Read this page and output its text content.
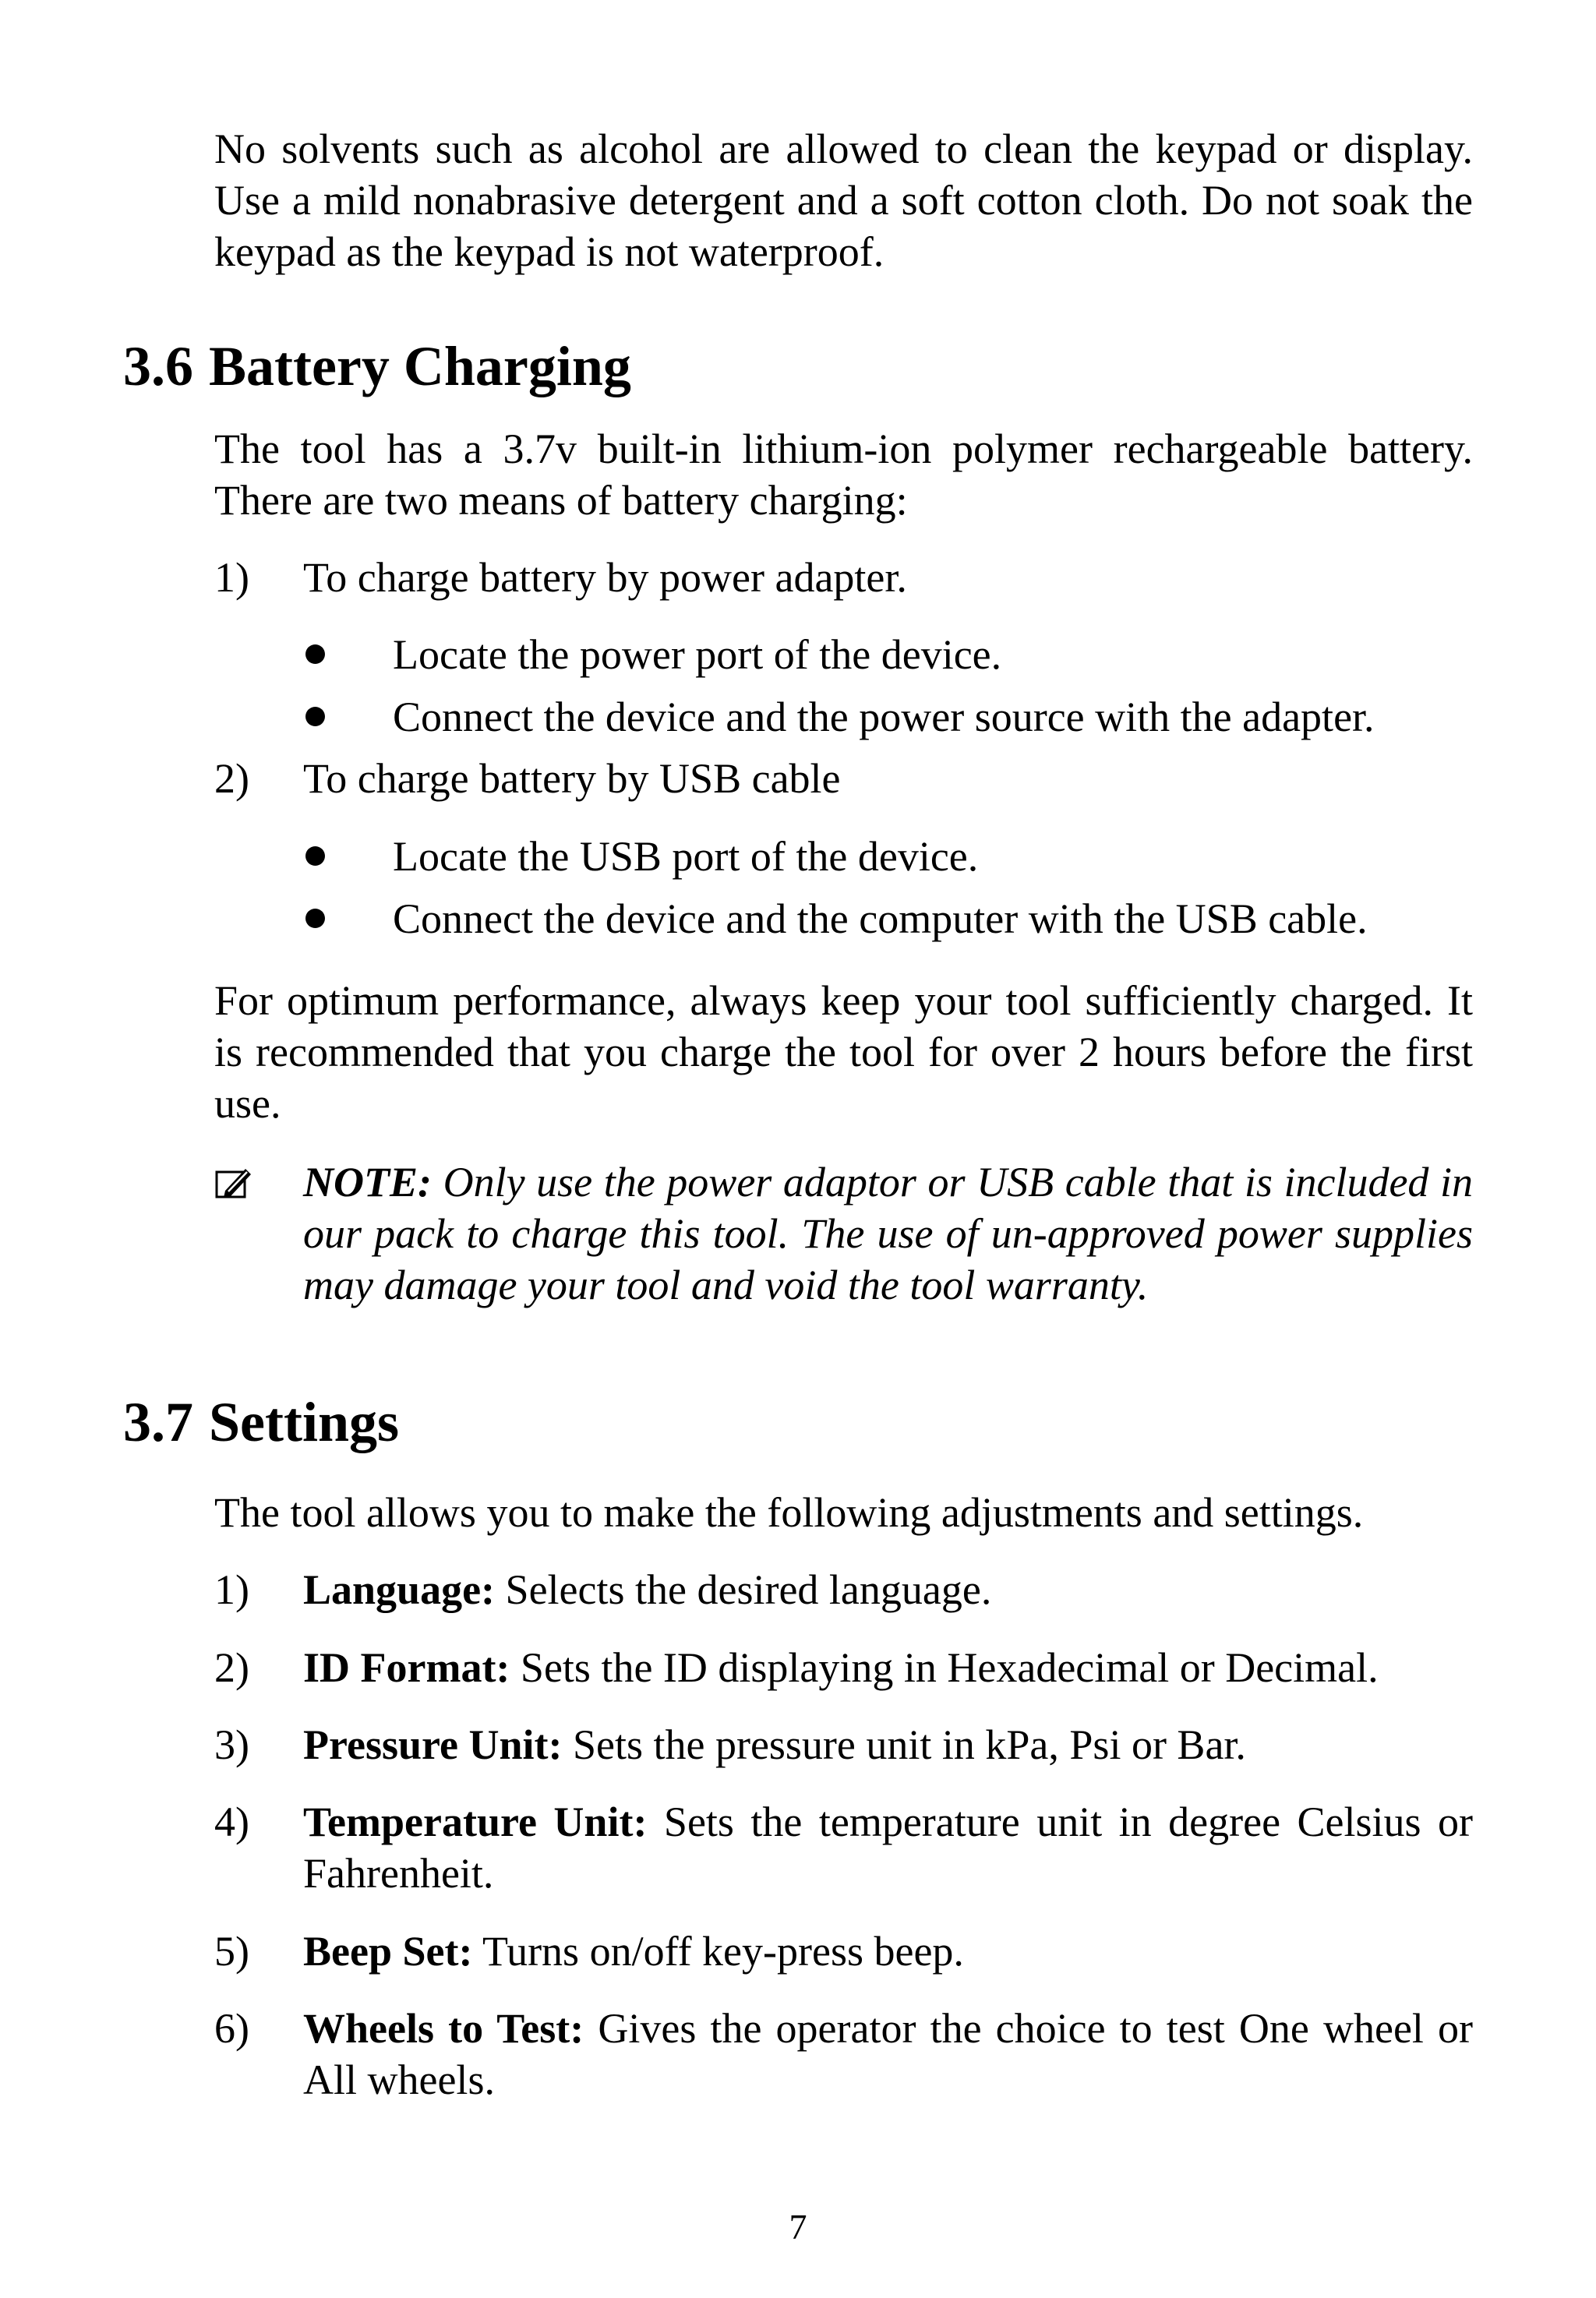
No solvents such as alcohol are allowed to clean the keypad or display. Use a mild nonabrasive detergent and a soft cotton cloth. Do not soak the keypad as the keypad is not waterproof.

3.6 Battery Charging

The tool has a 3.7v built-in lithium-ion polymer rechargeable battery. There are two means of battery charging:

1)	To charge battery by power adapter.
Locate the power port of the device.
Connect the device and the power source with the adapter.
2)	To charge battery by USB cable
Locate the USB port of the device.
Connect the device and the computer with the USB cable.

For optimum performance, always keep your tool sufficiently charged. It is recommended that you charge the tool for over 2 hours before the first use.

NOTE: Only use the power adaptor or USB cable that is included in our pack to charge this tool. The use of un-approved power supplies may damage your tool and void the tool warranty.
3.7 Settings

The tool allows you to make the following adjustments and settings.

1)	Language: Selects the desired language.
2)	ID Format: Sets the ID displaying in Hexadecimal or Decimal.
3)	Pressure Unit: Sets the pressure unit in kPa, Psi or Bar.
4)	Temperature Unit: Sets the temperature unit in degree Celsius or Fahrenheit.
5)	Beep Set: Turns on/off key-press beep.
6)	Wheels to Test: Gives the operator the choice to test One wheel or All wheels.
7
